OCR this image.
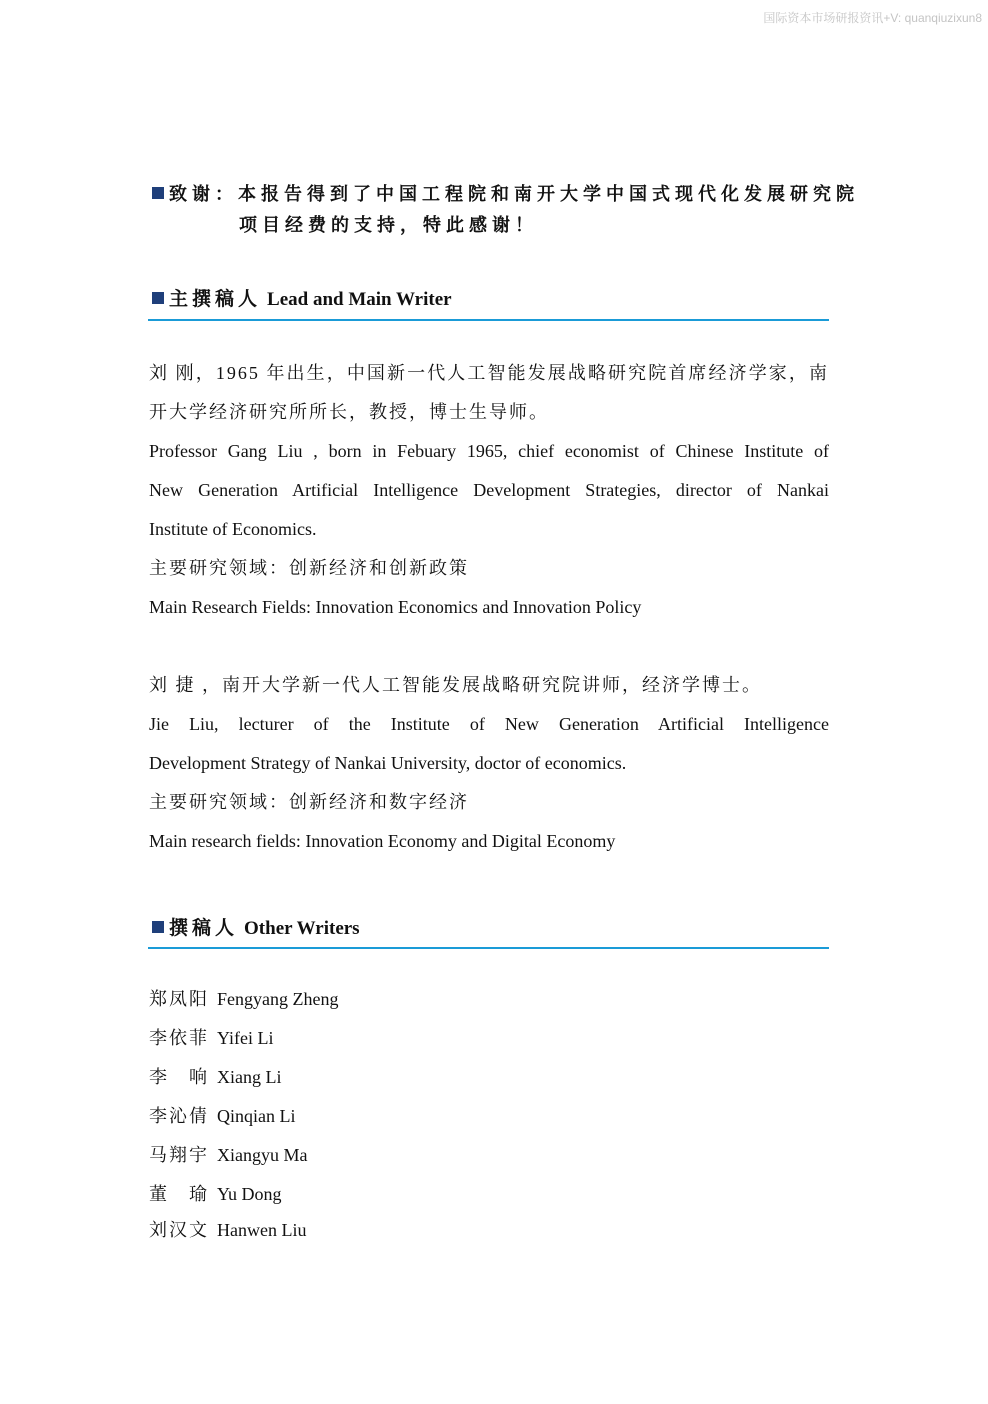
国际资本市场研报资讯+V: quanqiuzixun8
致谢：本报告得到了中国工程院和南开大学中国式现代化发展研究院
项目经费的支持，特此感谢！
主撰稿人 Lead and Main Writer
刘 刚，1965 年出生，中国新一代人工智能发展战略研究院首席经济学家，南
开大学经济研究所所长，教授，博士生导师。
Professor Gang Liu , born in Febuary 1965, chief economist of Chinese Institute of
New Generation Artificial Intelligence Development Strategies, director of Nankai
Institute of Economics.
主要研究领域：创新经济和创新政策
Main Research Fields: Innovation Economics and Innovation Policy
刘 捷 ，南开大学新一代人工智能发展战略研究院讲师，经济学博士。
Jie Liu, lecturer of the Institute of New Generation Artificial Intelligence
Development Strategy of Nankai University, doctor of economics.
主要研究领域：创新经济和数字经济
Main research fields: Innovation Economy and Digital Economy
撰稿人 Other Writers
郑凤阳 Fengyang Zheng
李依菲 Yifei Li
李　响 Xiang Li
李沁倩 Qinqian Li
马翔宇 Xiangyu Ma
董　瑜 Yu Dong
刘汉文 Hanwen Liu
